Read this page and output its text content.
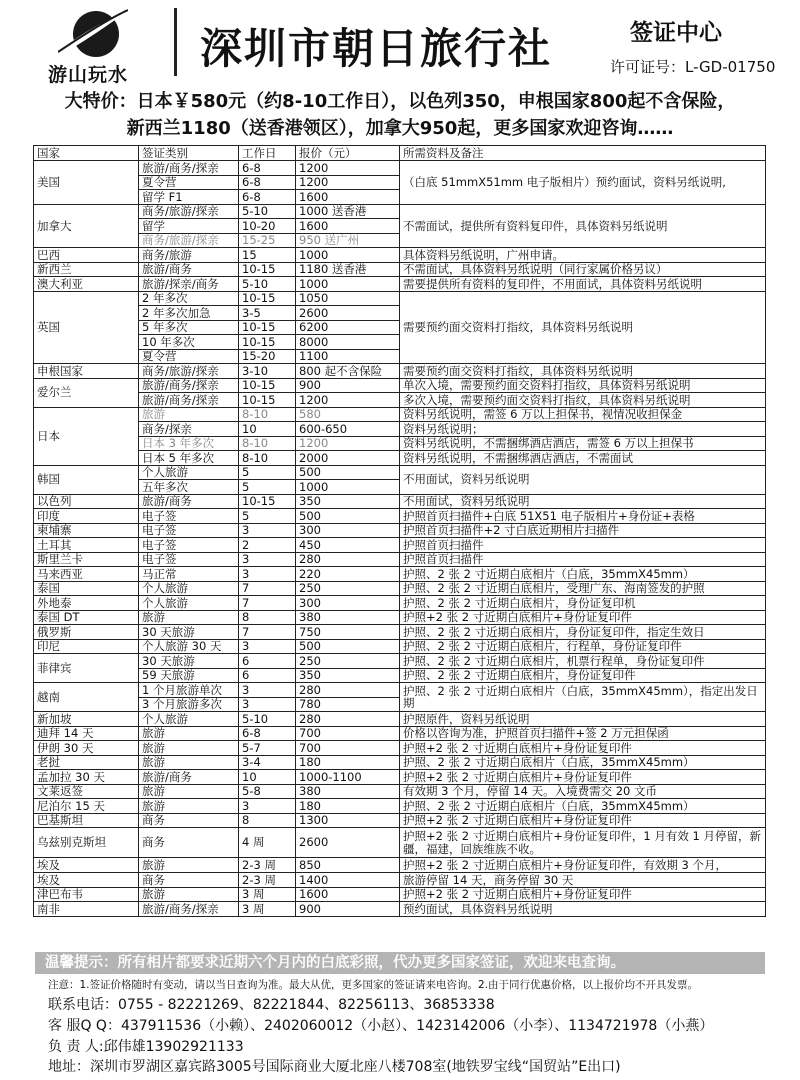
游山玩水
深圳市朝日旅行社	签证中心
许可证号：L-GD-01750
大特价：日本￥580元（约8-10工作日），以色列350，申根国家800起不含保险，
新西兰1180（送香港领区），加拿大950起，更多国家欢迎咨询……
国家	签证类别	工作日	报价（元）	所需资料及备注
美国	旅游/商务/探亲	6-8	1200	（白底 51mmX51mm 电子版相片）预约面试，资料另纸说明,
	夏令营	6-8	1200	
	留学 F1	6-8	1600	
加拿大	商务/旅游/探亲	5-10	1000 送香港	不需面试，提供所有资料复印件，具体资料另纸说明
	留学	10-20	1600	
	商务/旅游/探亲	15-25	950 送广州	
巴西	商务/旅游	15	1000	具体资料另纸说明，广州申请。
新西兰	旅游/商务	10-15	1180 送香港	不需面试，具体资料另纸说明（同行家属价格另议）
澳大利亚	旅游/探亲/商务	5-10	1000	需要提供所有资料的复印件，不用面试，具体资料另纸说明
英国	2 年多次	10-15	1050	需要预约面交资料打指纹，具体资料另纸说明
	2 年多次加急	3-5	2600	
	5 年多次	10-15	6200	
	10 年多次	10-15	8000	
	夏令营	15-20	1100	
申根国家	商务/旅游/探亲	3-10	800 起不含保险	需要预约面交资料打指纹，具体资料另纸说明
爱尔兰	旅游/商务/探亲	10-15	900	单次入境，需要预约面交资料打指纹，具体资料另纸说明
	旅游/商务/探亲	10-15	1200	多次入境，需要预约面交资料打指纹，具体资料另纸说明
日本	旅游	8-10	580	资料另纸说明，需签 6 万以上担保书，视情况收担保金
	商务/探亲	10	600-650	资料另纸说明；
	日本 3 年多次	8-10	1200	资料另纸说明，不需捆绑酒店酒店，需签 6 万以上担保书
	日本 5 年多次	8-10	2000	资料另纸说明，不需捆绑酒店酒店，不需面试
韩国	个人旅游	5	500	不用面试，资料另纸说明
	五年多次	5	1000	
以色列	旅游/商务	10-15	350	不用面试，资料另纸说明
印度	电子签	5	500	护照首页扫描件+白底 51X51 电子版相片+身份证+表格
柬埔寨	电子签	3	300	护照首页扫描件+2 寸白底近期相片扫描件
土耳其	电子签	2	450	护照首页扫描件
斯里兰卡	电子签	3	280	护照首页扫描件
马来西亚	马正常	3	220	护照、2 张 2 寸近期白底相片（白底，35mmX45mm）
泰国	个人旅游	7	250	护照、2 张 2 寸近期白底相片，受理广东、海南签发的护照
外地泰	个人旅游	7	300	护照、2 张 2 寸近期白底相片，身份证复印机
泰国 DT	旅游	8	380	护照+2 张 2 寸近期白底相片+身份证复印件
俄罗斯	30 天旅游	7	750	护照、2 张 2 寸近期白底相片，身份证复印件，指定生效日
印尼	个人旅游 30 天	3	500	护照、2 张 2 寸近期白底相片，行程单，身份证复印件
菲律宾	30 天旅游	6	250	护照、2 张 2 寸近期白底相片，机票行程单，身份证复印件
	59 天旅游	6	350	护照、2 张 2 寸近期白底相片，身份证复印件
越南	1 个月旅游单次	3	280	护照、2 张 2 寸近期白底相片（白底，35mmX45mm），指定出发日期
	3 个月旅游多次	3	780	
新加坡	个人旅游	5-10	280	护照原件，资料另纸说明
迪拜 14 天	旅游	6-8	700	价格以咨询为准，护照首页扫描件+签 2 万元担保函
伊朗 30 天	旅游	5-7	700	护照+2 张 2 寸近期白底相片+身份证复印件
老挝	旅游	3-4	180	护照、2 张 2 寸近期白底相片（白底，35mmX45mm）
孟加拉 30 天	旅游/商务	10	1000-1100	护照+2 张 2 寸近期白底相片+身份证复印件
文莱返签	旅游	5-8	380	有效期 3 个月，停留 14 天。入境费需交 20 文币
尼泊尔 15 天	旅游	3	180	护照、2 张 2 寸近期白底相片（白底，35mmX45mm）
巴基斯坦	商务	8	1300	护照+2 张 2 寸近期白底相片+身份证复印件
乌兹别克斯坦	商务	4 周	2600	护照+2 张 2 寸近期白底相片+身份证复印件，1 月有效 1 月停留，新疆，福建，回族维族不收。
埃及	旅游	2-3 周	850	护照+2 张 2 寸近期白底相片+身份证复印件，有效期 3 个月，
埃及	商务	2-3 周	1400	旅游停留 14 天，商务停留 30 天
津巴布韦	旅游	3 周	1600	护照+2 张 2 寸近期白底相片+身份证复印件
南非	旅游/商务/探亲	3 周	900	预约面试，具体资料另纸说明
温馨提示：所有相片都要求近期六个月内的白底彩照，代办更多国家签证，欢迎来电查询。
注意：1.签证价格随时有变动，请以当日查询为准。最大从优，更多国家的签证请来电咨询。2.由于同行优惠价格，以上报价均不开具发票。
联系电话：0755 - 82221269、82221844、82256113、36853338
客 服Q Q：437911536（小赖）、2402060012（小赵）、1423142006（小李）、1134721978（小燕）
负 责 人:邱伟雄13902921133
地址：深圳市罗湖区嘉宾路3005号国际商业大厦北座八楼708室(地铁罗宝线“国贸站”E出口)
